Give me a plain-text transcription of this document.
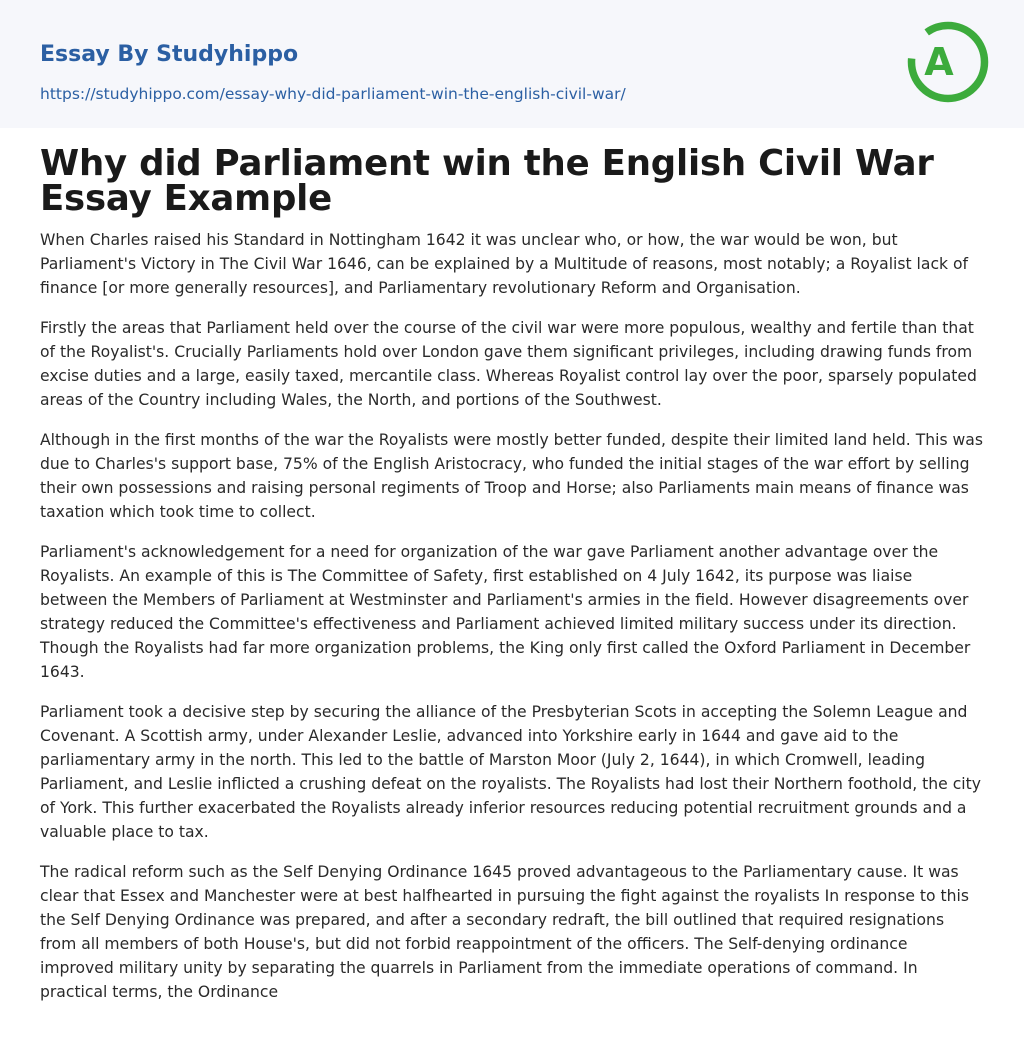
Essay By Studyhippo
https://studyhippo.com/essay-why-did-parliament-win-the-english-civil-war/
A
Why did Parliament win the English Civil War Essay Example

When Charles raised his Standard in Nottingham 1642 it was unclear who, or how, the war would be won, but Parliament's Victory in The Civil War 1646, can be explained by a Multitude of reasons, most notably; a Royalist lack of finance [or more generally resources], and Parliamentary revolutionary Reform and Organisation.

Firstly the areas that Parliament held over the course of the civil war were more populous, wealthy and fertile than that of the Royalist's. Crucially Parliaments hold over London gave them significant privileges, including drawing funds from excise duties and a large, easily taxed, mercantile class. Whereas Royalist control lay over the poor, sparsely populated areas of the Country including Wales, the North, and portions of the Southwest.

Although in the first months of the war the Royalists were mostly better funded, despite their limited land held. This was due to Charles's support base, 75% of the English Aristocracy, who funded the initial stages of the war effort by selling their own possessions and raising personal regiments of Troop and Horse; also Parliaments main means of finance was taxation which took time to collect.

Parliament's acknowledgement for a need for organization of the war gave Parliament another advantage over the Royalists. An example of this is The Committee of Safety, first established on 4 July 1642, its purpose was liaise between the Members of Parliament at Westminster and Parliament's armies in the field. However disagreements over strategy reduced the Committee's effectiveness and Parliament achieved limited military success under its direction. Though the Royalists had far more organization problems, the King only first called the Oxford Parliament in December 1643.

Parliament took a decisive step by securing the alliance of the Presbyterian Scots in accepting the Solemn League and Covenant. A Scottish army, under Alexander Leslie, advanced into Yorkshire early in 1644 and gave aid to the parliamentary army in the north. This led to the battle of Marston Moor (July 2, 1644), in which Cromwell, leading Parliament, and Leslie inflicted a crushing defeat on the royalists. The Royalists had lost their Northern foothold, the city of York. This further exacerbated the Royalists already inferior resources reducing potential recruitment grounds and a valuable place to tax.

The radical reform such as the Self Denying Ordinance 1645 proved advantageous to the Parliamentary cause. It was clear that Essex and Manchester were at best halfhearted in pursuing the fight against the royalists In response to this the Self Denying Ordinance was prepared, and after a secondary redraft, the bill outlined that required resignations from all members of both House's, but did not forbid reappointment of the officers. The Self-denying ordinance improved military unity by separating the quarrels in Parliament from the immediate operations of command. In practical terms, the Ordinance
